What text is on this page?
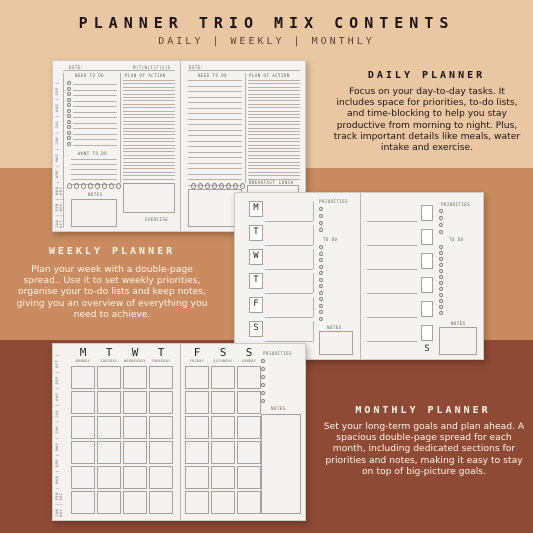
PLANNER TRIO MIX CONTENTS
DAILY | WEEKLY | MONTHLY
DATE:	M|T|W|T|F|S|S	DATE:
JAN | FEB | MAR | APR | MAY | JUN | JUL | AUG | SEP | OCT | NOV | DEC
NEED TO DO	PLAN OF ACTION
WANT TO DO
NOTES
EXERCISE
NEED TO DO	PLAN OF ACTION
BREAKFAST LUNCH
PRIORITIES
PRIORITIES
TO DO	TO DO
NOTES
NOTES
M
T
W
T
F
S
S
JAN | FEB | MAR | APR | MAY | JUN | JUL | AUG | SEP | OCT | NOV | DEC
PRIORITIES
NOTES
M
MONDAY
T
TUESDAY
W
WEDNESDAY
T
THURSDAY
F
FRIDAY
S
SATURDAY
S
SUNDAY
DAILY PLANNER
Focus on your day-to-day tasks. It includes space for priorities, to-do lists, and time-blocking to help you stay productive from morning to night. Plus, track important details like meals, water intake and exercise.
WEEKLY PLANNER
Plan your week with a double-page spread.. Use it to set weekly priorities, organise your to-do lists and keep notes, giving you an overview of everything you need to achieve.
MONTHLY PLANNER
Set your long-term goals and plan ahead. A spacious double-page spread for each month, including dedicated sections for priorities and notes, making it easy to stay on top of big-picture goals.
